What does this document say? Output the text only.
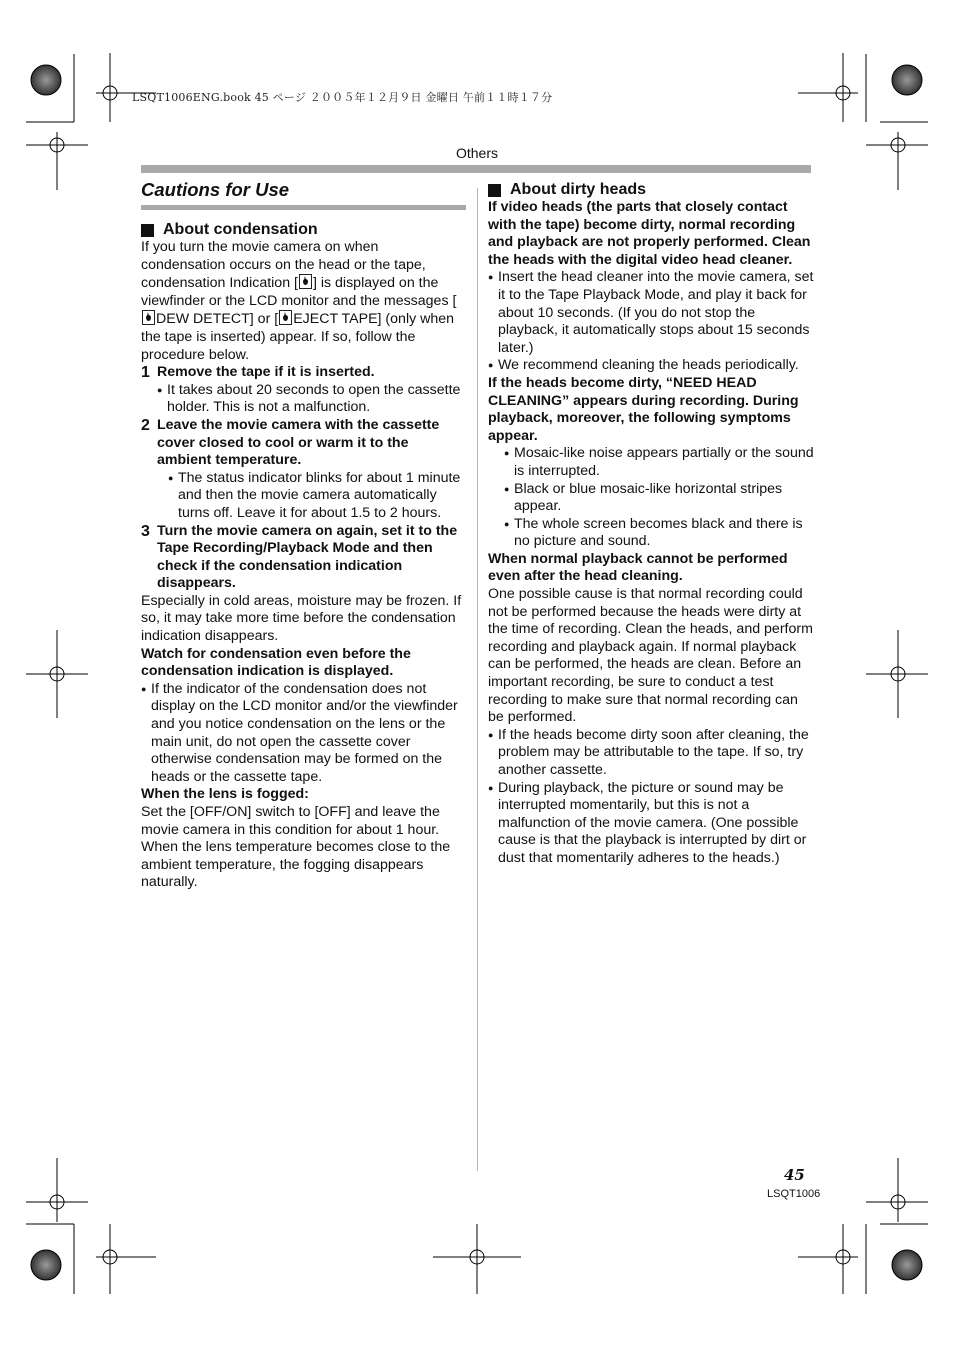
LSQT1006ENG.book 45 ページ ２００５年１２月９日 金曜日 午前１１時１７分
Others
Cautions for Use
About condensation

If you turn the movie camera on when condensation occurs on the head or the tape, condensation Indication [ ] is displayed on the viewfinder or the LCD monitor and the messages [DEW DETECT] or [ EJECT TAPE] (only when the tape is inserted) appear. If so, follow the procedure below.

1 Remove the tape if it is inserted.

● It takes about 20 seconds to open the cassette holder. This is not a malfunction.

2 Leave the movie camera with the cassette cover closed to cool or warm it to the ambient temperature.

● The status indicator blinks for about 1 minute and then the movie camera automatically turns off. Leave it for about 1.5 to 2 hours.

3 Turn the movie camera on again, set it to the Tape Recording/Playback Mode and then check if the condensation indication disappears.

Especially in cold areas, moisture may be frozen. If so, it may take more time before the condensation indication disappears.

Watch for condensation even before the condensation indication is displayed.

● If the indicator of the condensation does not display on the LCD monitor and/or the viewfinder and you notice condensation on the lens or the main unit, do not open the cassette cover otherwise condensation may be formed on the heads or the cassette tape.

When the lens is fogged:

Set the [OFF/ON] switch to [OFF] and leave the movie camera in this condition for about 1 hour. When the lens temperature becomes close to the ambient temperature, the fogging disappears naturally.

About dirty heads

If video heads (the parts that closely contact with the tape) become dirty, normal recording and playback are not properly performed. Clean the heads with the digital video head cleaner.

● Insert the head cleaner into the movie camera, set it to the Tape Playback Mode, and play it back for about 10 seconds. (If you do not stop the playback, it automatically stops about 15 seconds later.)

● We recommend cleaning the heads periodically.

If the heads become dirty, “NEED HEAD CLEANING” appears during recording. During playback, moreover, the following symptoms appear.

● Mosaic-like noise appears partially or the sound is interrupted.

● Black or blue mosaic-like horizontal stripes appear.

● The whole screen becomes black and there is no picture and sound.

When normal playback cannot be performed even after the head cleaning.

One possible cause is that normal recording could not be performed because the heads were dirty at the time of recording. Clean the heads, and perform recording and playback again. If normal playback can be performed, the heads are clean. Before an important recording, be sure to conduct a test recording to make sure that normal recording can be performed.

● If the heads become dirty soon after cleaning, the problem may be attributable to the tape. If so, try another cassette.

● During playback, the picture or sound may be interrupted momentarily, but this is not a malfunction of the movie camera. (One possible cause is that the playback is interrupted by dirt or dust that momentarily adheres to the heads.)

45
LSQT1006
